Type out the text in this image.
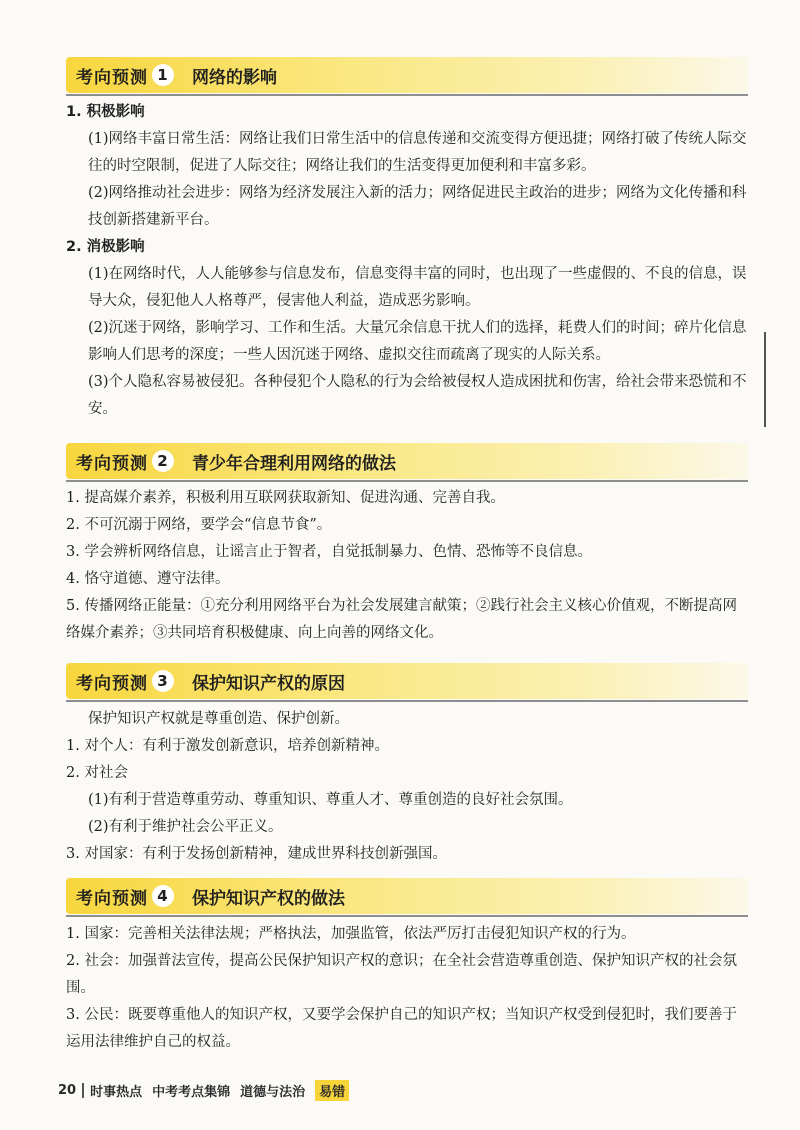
考向预测 1	网络的影响
1. 积极影响
(1)网络丰富日常生活：网络让我们日常生活中的信息传递和交流变得方便迅捷；网络打破了传统人际交往的时空限制，促进了人际交往；网络让我们的生活变得更加便利和丰富多彩。
(2)网络推动社会进步：网络为经济发展注入新的活力；网络促进民主政治的进步；网络为文化传播和科技创新搭建新平台。
2. 消极影响
(1)在网络时代，人人能够参与信息发布，信息变得丰富的同时，也出现了一些虚假的、不良的信息，误导大众，侵犯他人人格尊严，侵害他人利益，造成恶劣影响。
(2)沉迷于网络，影响学习、工作和生活。大量冗余信息干扰人们的选择，耗费人们的时间；碎片化信息影响人们思考的深度；一些人因沉迷于网络、虚拟交往而疏离了现实的人际关系。
(3)个人隐私容易被侵犯。各种侵犯个人隐私的行为会给被侵权人造成困扰和伤害，给社会带来恐慌和不安。
考向预测 2	青少年合理利用网络的做法
1. 提高媒介素养，积极利用互联网获取新知、促进沟通、完善自我。
2. 不可沉溺于网络，要学会“信息节食”。
3. 学会辨析网络信息，让谣言止于智者，自觉抵制暴力、色情、恐怖等不良信息。
4. 恪守道德、遵守法律。
5. 传播网络正能量：①充分利用网络平台为社会发展建言献策；②践行社会主义核心价值观，不断提高网络媒介素养；③共同培育积极健康、向上向善的网络文化。
考向预测 3	保护知识产权的原因
保护知识产权就是尊重创造、保护创新。
1. 对个人：有利于激发创新意识，培养创新精神。
2. 对社会
(1)有利于营造尊重劳动、尊重知识、尊重人才、尊重创造的良好社会氛围。
(2)有利于维护社会公平正义。
3. 对国家：有利于发扬创新精神，建成世界科技创新强国。
考向预测 4	保护知识产权的做法
1. 国家：完善相关法律法规；严格执法，加强监管，依法严厉打击侵犯知识产权的行为。
2. 社会：加强普法宣传，提高公民保护知识产权的意识；在全社会营造尊重创造、保护知识产权的社会氛围。
3. 公民：既要尊重他人的知识产权，又要学会保护自己的知识产权；当知识产权受到侵犯时，我们要善于运用法律维护自己的权益。
20	时事热点 中考考点集锦 道德与法治	易错
